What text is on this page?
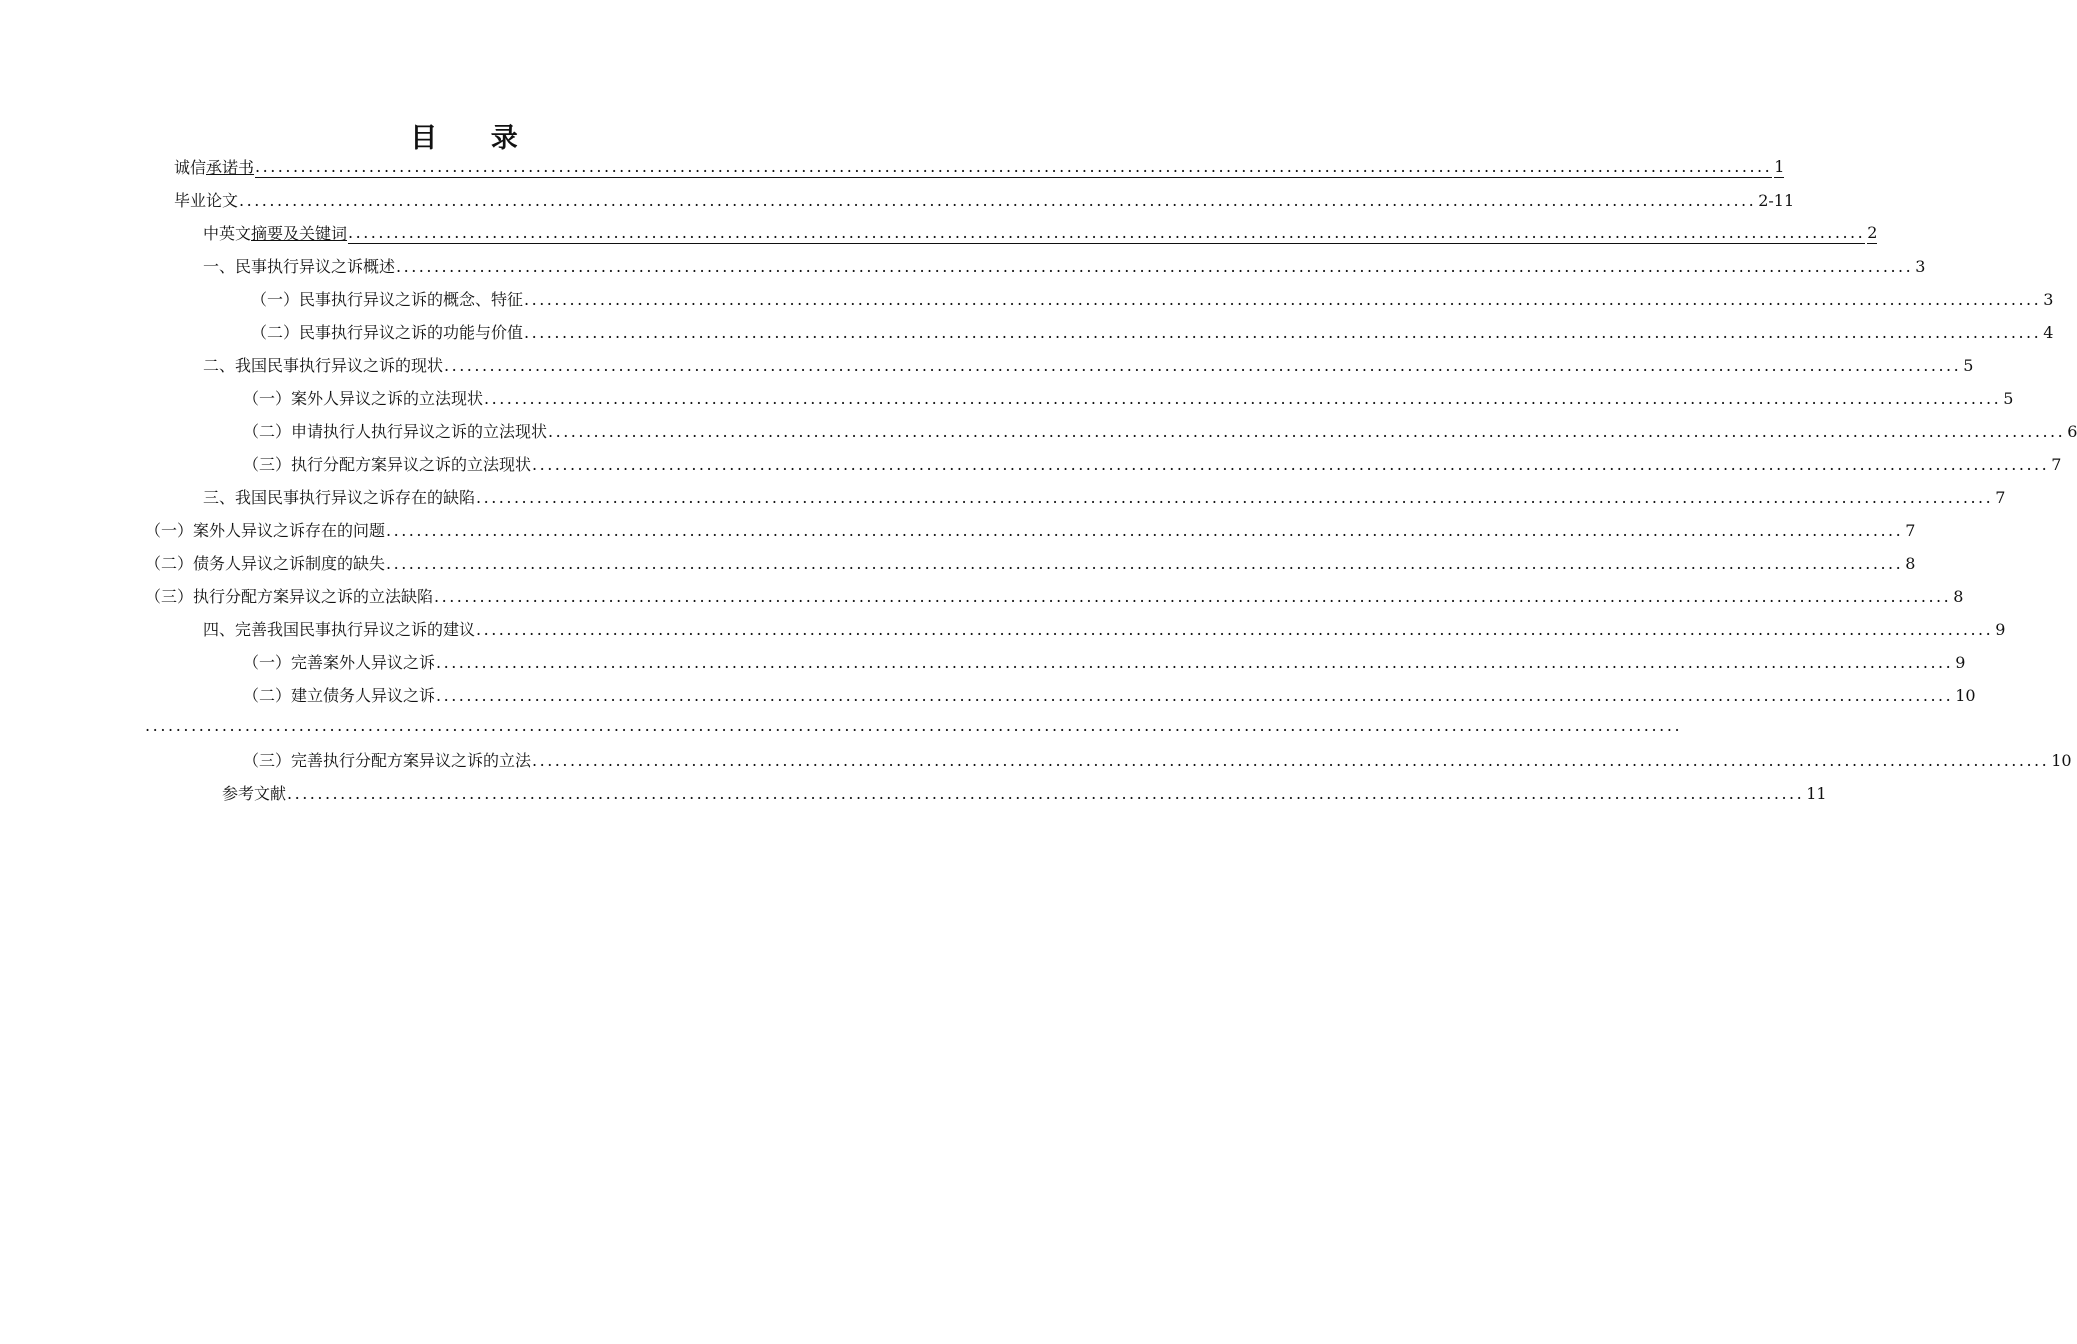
目 录
诚信 承诺书 ........................................................................................................................................................................................................ 1
毕业论文 ........................................................................................................................................................................................................ 2-11
中英文 摘要及关键词 ........................................................................................................................................................................................................ 2
一、民事执行异议之诉概述 ........................................................................................................................................................................................................ 3
（一）民事执行异议之诉的概念、特征 ........................................................................................................................................................................................................ 3
（二）民事执行异议之诉的功能与价值 ........................................................................................................................................................................................................ 4
二、我国民事执行异议之诉的现状 ........................................................................................................................................................................................................ 5
（一）案外人异议之诉的立法现状 ........................................................................................................................................................................................................ 5
（二）申请执行人执行异议之诉的立法现状 ........................................................................................................................................................................................................ 6
（三）执行分配方案异议之诉的立法现状 ........................................................................................................................................................................................................ 7
三、我国民事执行异议之诉存在的缺陷 ........................................................................................................................................................................................................ 7
（一）案外人异议之诉存在的问题 ........................................................................................................................................................................................................ 7
（二）债务人异议之诉制度的缺失 ........................................................................................................................................................................................................ 8
（三）执行分配方案异议之诉的立法缺陷 ........................................................................................................................................................................................................ 8
四、完善我国民事执行异议之诉的建议 ........................................................................................................................................................................................................ 9
（一）完善案外人异议之诉 ........................................................................................................................................................................................................ 9
（二）建立债务人异议之诉 ........................................................................................................................................................................................................ 10
........................................................................................................................................................................................................
（三）完善执行分配方案异议之诉的立法 ........................................................................................................................................................................................................ 10
参考文献 ........................................................................................................................................................................................................ 11
